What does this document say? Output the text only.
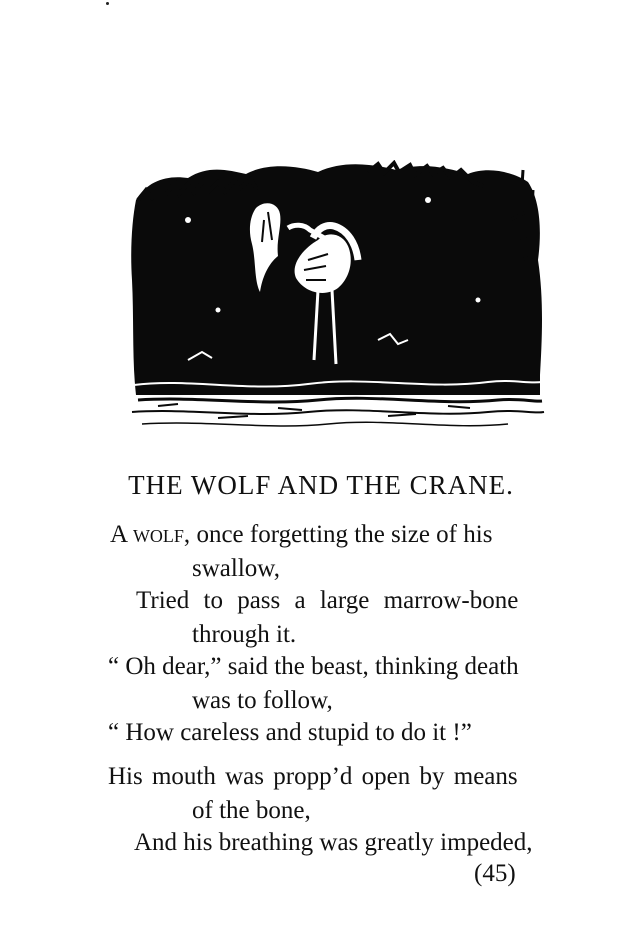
THE WOLF AND THE CRANE.
A wolf, once forgetting the size of his
swallow,
Tried to pass a large marrow-bone
through it.
“ Oh dear,” said the beast, thinking death
was to follow,
“ How careless and stupid to do it !”
His mouth was propp’d open by means
of the bone,
And his breathing was greatly impeded,
(45)
